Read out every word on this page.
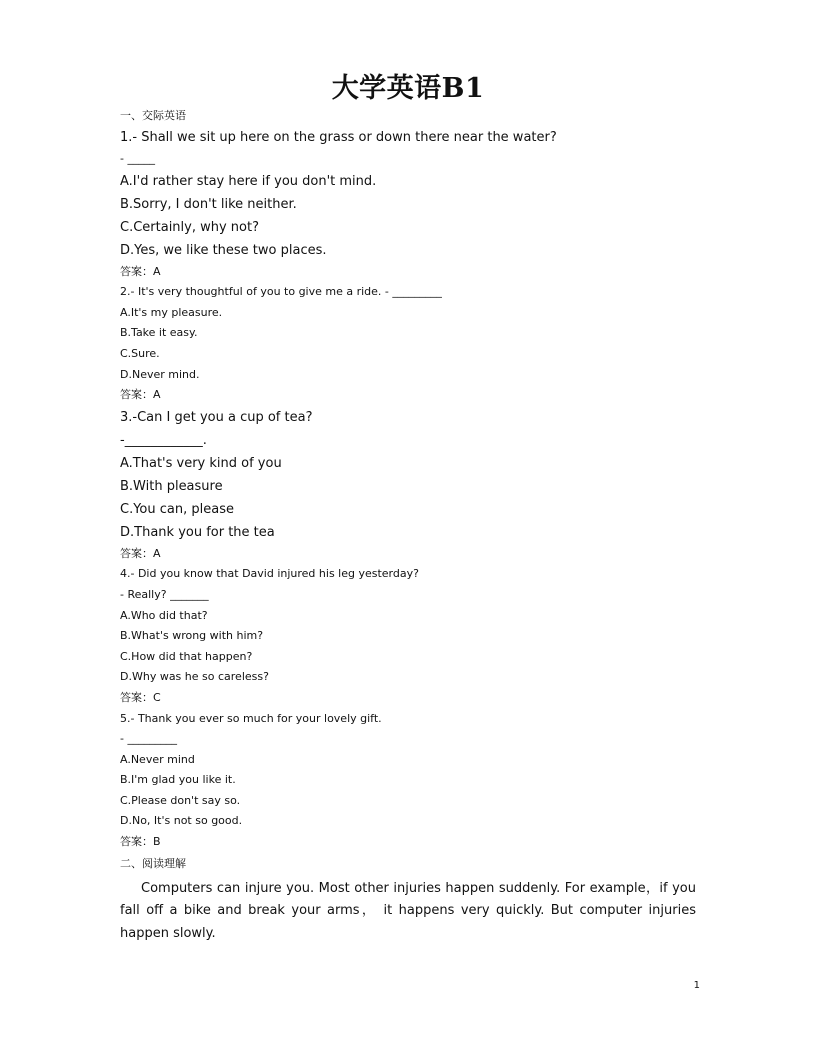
大学英语B1
一、交际英语
1.- Shall we sit up here on the grass or down there near the water?
- _____
A.I'd rather stay here if you don't mind.
B.Sorry, I don't like neither.
C.Certainly, why not?
D.Yes, we like these two places.
答案：A
2.- It's very thoughtful of you to give me a ride. - _________
A.It's my pleasure.
B.Take it easy.
C.Sure.
D.Never mind.
答案：A
3.-Can I get you a cup of tea?
-____________.
A.That's very kind of you
B.With pleasure
C.You can, please
D.Thank you for the tea
答案：A
4.- Did you know that David injured his leg yesterday?
- Really? _______
A.Who did that?
B.What's wrong with him?
C.How did that happen?
D.Why was he so careless?
答案：C
5.- Thank you ever so much for your lovely gift.
- _________
A.Never mind
B.I'm glad you like it.
C.Please don't say so.
D.No, It's not so good.
答案：B
二、阅读理解
Computers can injure you. Most other injuries happen suddenly. For example，if you fall off a bike and break your arms， it happens very quickly. But computer injuries happen slowly.
1
